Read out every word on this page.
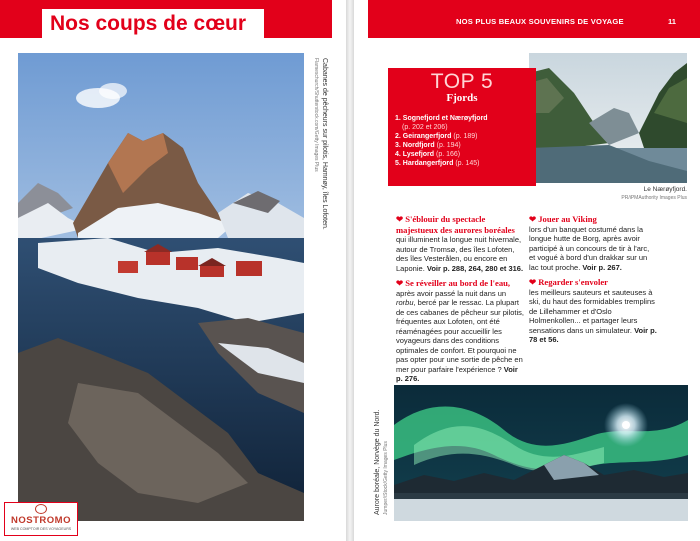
Nos coups de cœur
Cabanes de pêcheurs sur pilotis, Hamnøy, îles Lofoten.
Flameschurch/Shutterstock.com/Getty Images Plus
NOSTROMO
WEB COMPTOIR DES VOYAGEURS
NOS PLUS BEAUX SOUVENIRS DE VOYAGE	11
Le Nærøyfjord.
PR/iPMAuthority Images Plus
TOP 5
Fjords
1. Sognefjord et Nærøyfjord
(p. 202 et 206)
2. Geirangerfjord (p. 189)
3. Nordfjord (p. 194)
4. Lysefjord (p. 166)
5. Hardangerfjord (p. 145)
❤ S'éblouir du spectacle majestueux des aurores boréales qui illuminent la longue nuit hivernale, autour de Tromsø, des îles Lofoten, des îles Vesterålen, ou encore en Laponie. Voir p. 288, 264, 280 et 316.
❤ Se réveiller au bord de l'eau, après avoir passé la nuit dans un rorbu, bercé par le ressac. La plupart de ces cabanes de pêcheur sur pilotis, fréquentes aux Lofoten, ont été réaménagées pour accueillir les voyageurs dans des conditions optimales de confort. Et pourquoi ne pas opter pour une sortie de pêche en mer pour parfaire l'expérience ? Voir p. 276.
❤ Jouer au Viking
lors d'un banquet costumé dans la longue hutte de Borg, après avoir participé à un concours de tir à l'arc, et vogué à bord d'un drakkar sur un lac tout proche. Voir p. 267.
❤ Regarder s'envoler
les meilleurs sauteurs et sauteuses à ski, du haut des formidables tremplins de Lillehammer et d'Oslo Holmenkollen... et partager leurs sensations dans un simulateur. Voir p. 78 et 56.
Aurore boréale, Norvège du Nord. Jumper/iStock/Getty Images Plus
